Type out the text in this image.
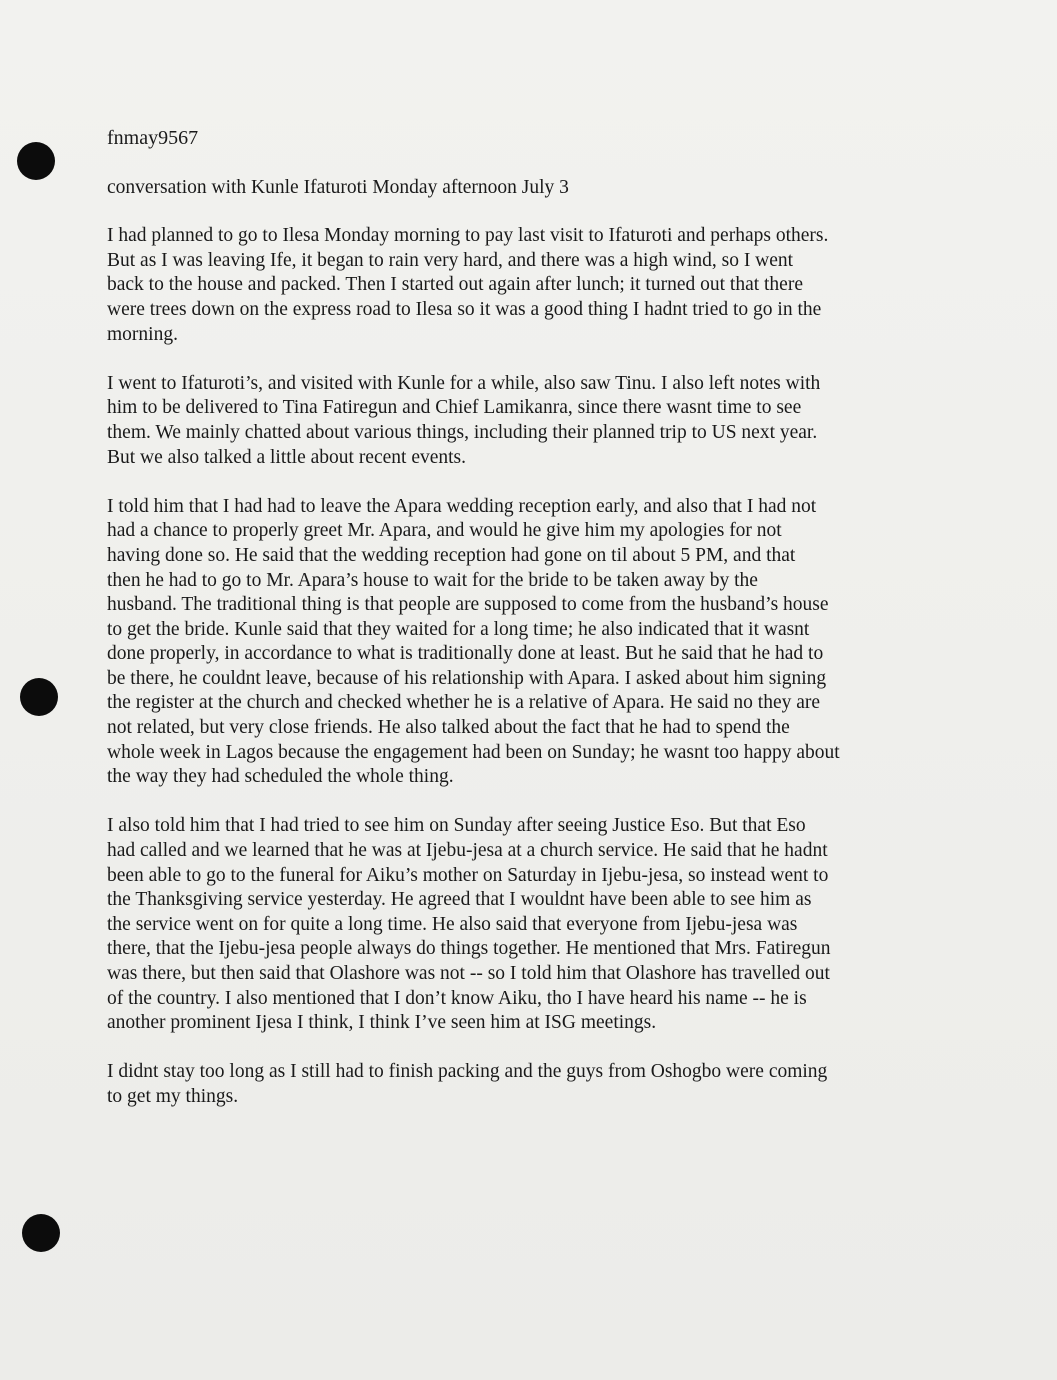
fnmay9567
conversation with Kunle Ifaturoti Monday afternoon July 3
I had planned to go to Ilesa Monday morning to pay last visit to Ifaturoti and perhaps others.
But as I was leaving Ife, it began to rain very hard, and there was a high wind, so I went
back to the house and packed. Then I started out again after lunch; it turned out that there
were trees down on the express road to Ilesa so it was a good thing I hadnt tried to go in the
morning.
I went to Ifaturoti’s, and visited with Kunle for a while, also saw Tinu. I also left notes with
him to be delivered to Tina Fatiregun and Chief Lamikanra, since there wasnt time to see
them. We mainly chatted about various things, including their planned trip to US next year.
But we also talked a little about recent events.
I told him that I had had to leave the Apara wedding reception early, and also that I had not
had a chance to properly greet Mr. Apara, and would he give him my apologies for not
having done so. He said that the wedding reception had gone on til about 5 PM, and that
then he had to go to Mr. Apara’s house to wait for the bride to be taken away by the
husband. The traditional thing is that people are supposed to come from the husband’s house
to get the bride. Kunle said that they waited for a long time; he also indicated that it wasnt
done properly, in accordance to what is traditionally done at least. But he said that he had to
be there, he couldnt leave, because of his relationship with Apara. I asked about him signing
the register at the church and checked whether he is a relative of Apara. He said no they are
not related, but very close friends. He also talked about the fact that he had to spend the
whole week in Lagos because the engagement had been on Sunday; he wasnt too happy about
the way they had scheduled the whole thing.
I also told him that I had tried to see him on Sunday after seeing Justice Eso. But that Eso
had called and we learned that he was at Ijebu-jesa at a church service. He said that he hadnt
been able to go to the funeral for Aiku’s mother on Saturday in Ijebu-jesa, so instead went to
the Thanksgiving service yesterday. He agreed that I wouldnt have been able to see him as
the service went on for quite a long time. He also said that everyone from Ijebu-jesa was
there, that the Ijebu-jesa people always do things together. He mentioned that Mrs. Fatiregun
was there, but then said that Olashore was not -- so I told him that Olashore has travelled out
of the country. I also mentioned that I don’t know Aiku, tho I have heard his name -- he is
another prominent Ijesa I think, I think I’ve seen him at ISG meetings.
I didnt stay too long as I still had to finish packing and the guys from Oshogbo were coming
to get my things.
